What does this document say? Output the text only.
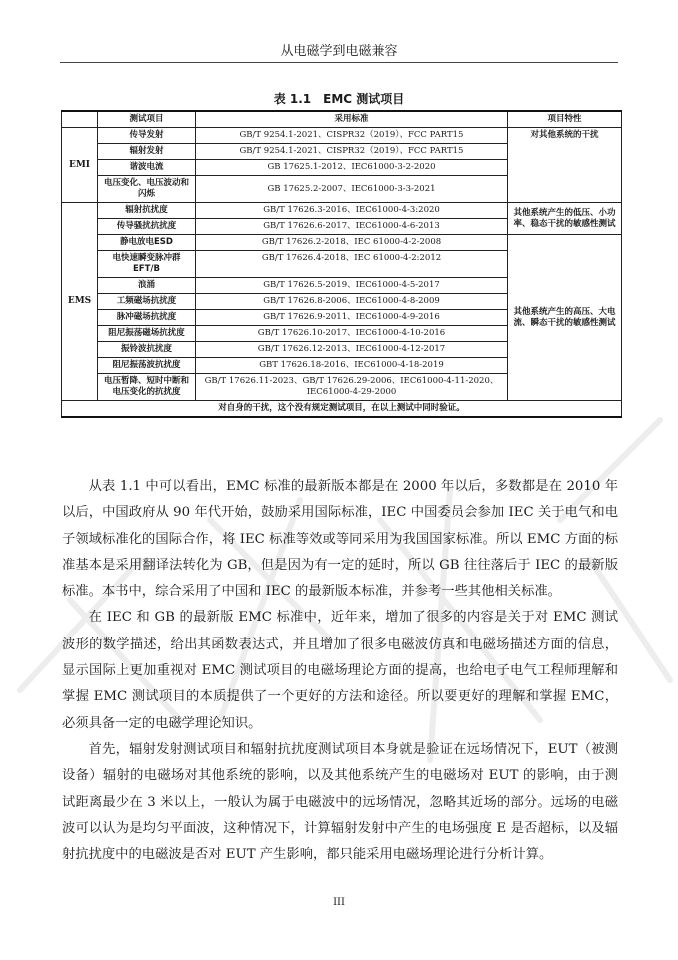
从电磁学到电磁兼容
表 1.1　EMC 测试项目
	测试项目	采用标准	项目特性
EMI	传导发射	GB/T 9254.1-2021、CISPR32（2019）、FCC PART15	对其他系统的干扰
	辐射发射	GB/T 9254.1-2021、CISPR32（2019）、FCC PART15	
	谐波电流	GB 17625.1-2012、IEC61000-3-2-2020	
	电压变化、电压波动和闪烁	GB 17625.2-2007、IEC61000-3-3-2021	
EMS	辐射抗扰度	GB/T 17626.3-2016、IEC61000-4-3:2020	其他系统产生的低压、小功率、稳态干扰的敏感性测试
	传导骚扰抗扰度	GB/T 17626.6-2017、IEC61000-4-6-2013	
	静电放电ESD	GB/T 17626.2-2018、IEC 61000-4-2-2008	其他系统产生的高压、大电流、瞬态干扰的敏感性测试
	电快速瞬变脉冲群EFT/B	GB/T 17626.4-2018、IEC 61000-4-2:2012	
	浪涌	GB/T 17626.5-2019、IEC61000-4-5-2017	
	工频磁场抗扰度	GB/T 17626.8-2006、IEC61000-4-8-2009	
	脉冲磁场抗扰度	GB/T 17626.9-2011、IEC61000-4-9-2016	
	阻尼振荡磁场抗扰度	GB/T 17626.10-2017、IEC61000-4-10-2016	
	振铃波抗扰度	GB/T 17626.12-2013、IEC61000-4-12-2017	
	阻尼振荡波抗扰度	GBT 17626.18-2016、IEC61000-4-18-2019	
	电压暂降、短时中断和电压变化的抗扰度	GB/T 17626.11-2023、GB/T 17626.29-2006、IEC61000-4-11-2020、IEC61000-4-29-2000	
对自身的干扰，这个没有规定测试项目，在以上测试中同时验证。			

从表 1.1 中可以看出，EMC 标准的最新版本都是在 2000 年以后，多数都是在 2010 年以后，中国政府从 90 年代开始，鼓励采用国际标准，IEC 中国委员会参加 IEC 关于电气和电子领域标准化的国际合作，将 IEC 标准等效或等同采用为我国国家标准。所以 EMC 方面的标准基本是采用翻译法转化为 GB，但是因为有一定的延时，所以 GB 往往落后于 IEC 的最新版标准。本书中，综合采用了中国和 IEC 的最新版本标准，并参考一些其他相关标准。

在 IEC 和 GB 的最新版 EMC 标准中，近年来，增加了很多的内容是关于对 EMC 测试波形的数学描述，给出其函数表达式，并且增加了很多电磁波仿真和电磁场描述方面的信息，显示国际上更加重视对 EMC 测试项目的电磁场理论方面的提高，也给电子电气工程师理解和掌握 EMC 测试项目的本质提供了一个更好的方法和途径。所以要更好的理解和掌握 EMC，必须具备一定的电磁学理论知识。

首先，辐射发射测试项目和辐射抗扰度测试项目本身就是验证在远场情况下，EUT（被测设备）辐射的电磁场对其他系统的影响，以及其他系统产生的电磁场对 EUT 的影响，由于测试距离最少在 3 米以上，一般认为属于电磁波中的远场情况，忽略其近场的部分。远场的电磁波可以认为是均匀平面波，这种情况下，计算辐射发射中产生的电场强度 E 是否超标，以及辐射抗扰度中的电磁波是否对 EUT 产生影响，都只能采用电磁场理论进行分析计算。

III
